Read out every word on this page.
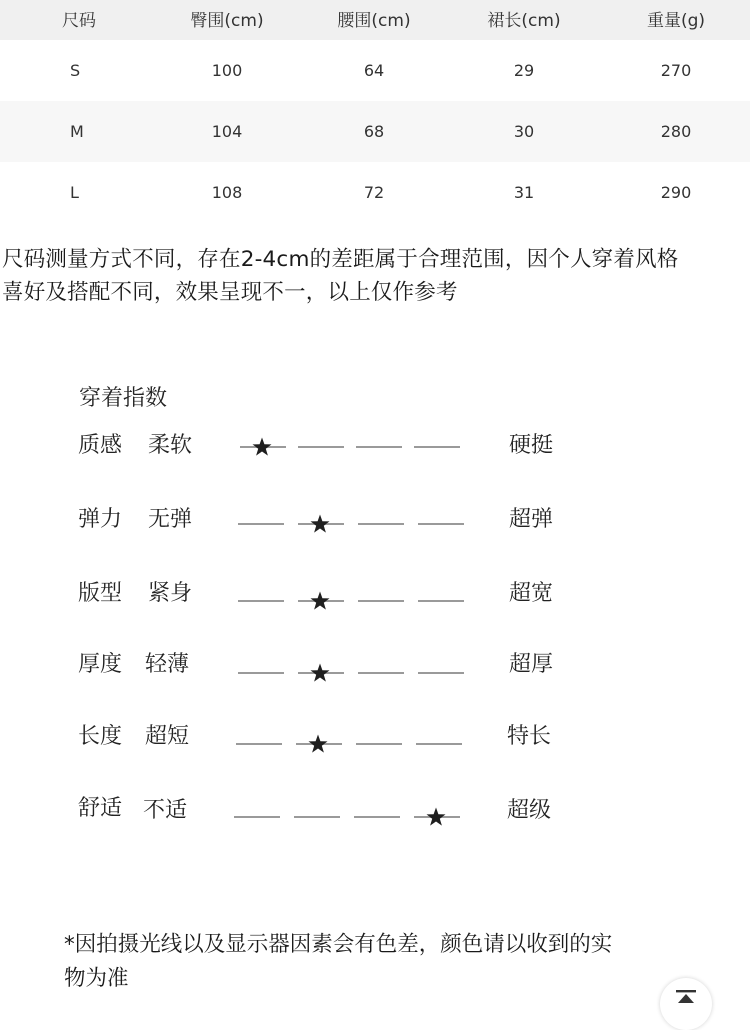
尺码	臀围(cm)	腰围(cm)	裙长(cm)	重量(g)
S	100	64	29	270
M	104	68	30	280
L	108	72	31	290

尺码测量方式不同，存在2-4cm的差距属于合理范围，因个人穿着风格
喜好及搭配不同，效果呈现不一，以上仅作参考

穿着指数
质感 柔软	硬挺
弹力 无弹	超弹
版型 紧身	超宽
厚度 轻薄	超厚
长度 超短	特长
舒适 不适	超级

*因拍摄光线以及显示器因素会有色差，颜色请以收到的实
物为准
